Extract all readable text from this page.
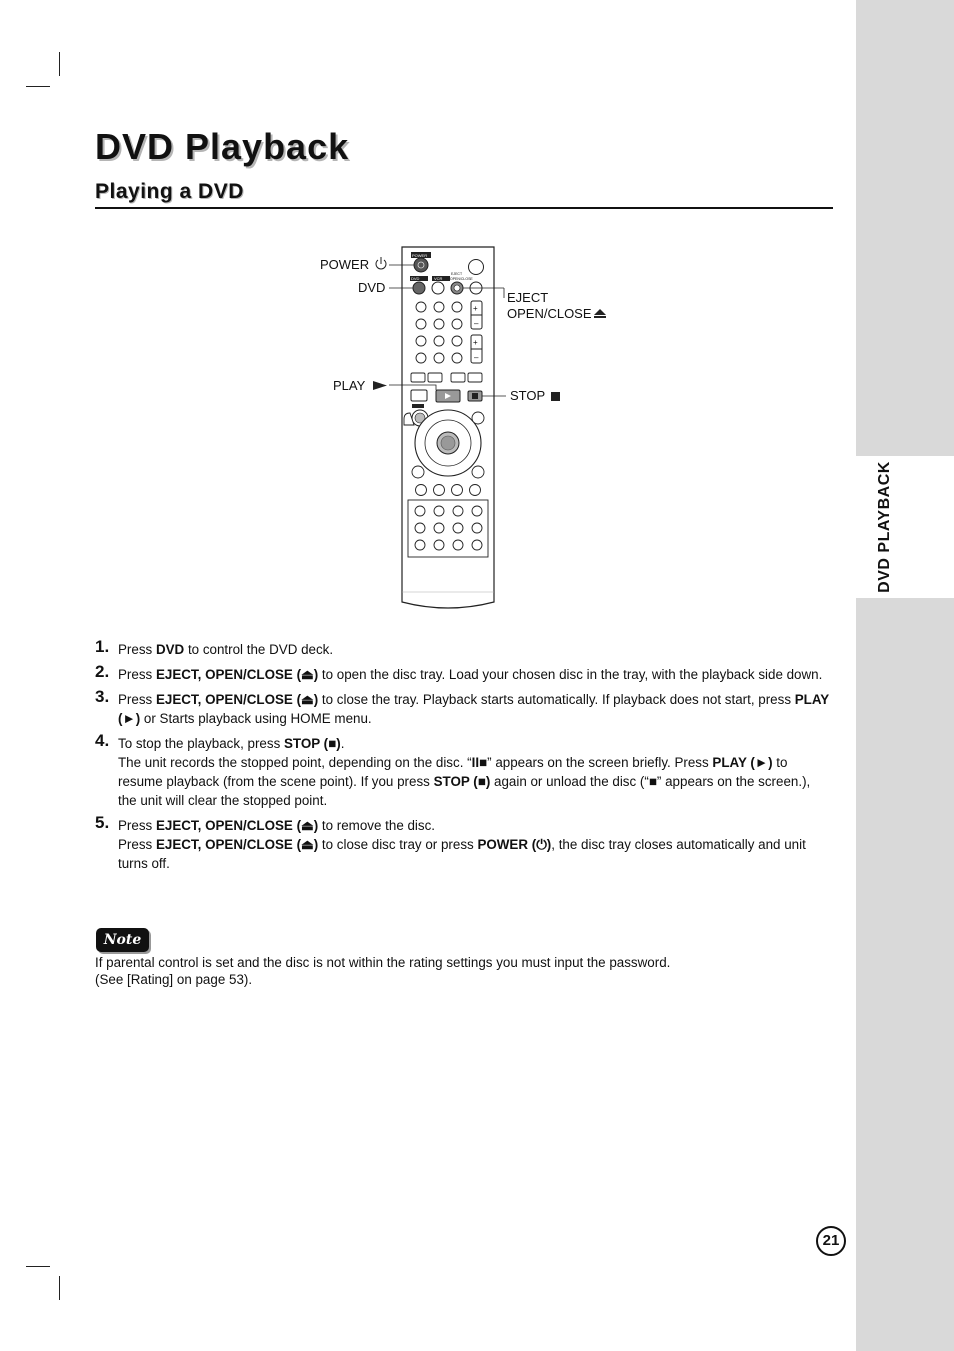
DVD PLAYBACK
DVD Playback
Playing a DVD
POWER
DVD	VCR
EJECT
OPEN/CLOSE
+
–
+
–
POWER
DVD
EJECT
OPEN/CLOSE
PLAY
STOP
1. Press DVD to control the DVD deck.
2. Press EJECT, OPEN/CLOSE (⏏) to open the disc tray. Load your chosen disc in the tray, with the playback side down.
3. Press EJECT, OPEN/CLOSE (⏏) to close the tray. Playback starts automatically. If playback does not start, press PLAY (►) or Starts playback using HOME menu.
4. To stop the playback, press STOP (■).
The unit records the stopped point, depending on the disc. “II■” appears on the screen briefly. Press PLAY (►) to resume playback (from the scene point). If you press STOP (■) again or unload the disc (“■” appears on the screen.), the unit will clear the stopped point.
5. Press EJECT, OPEN/CLOSE (⏏) to remove the disc.
Press EJECT, OPEN/CLOSE (⏏) to close disc tray or press POWER (⏻), the disc tray closes automatically and unit turns off.
Note
If parental control is set and the disc is not within the rating settings you must input the password.
(See [Rating] on page 53).
21
